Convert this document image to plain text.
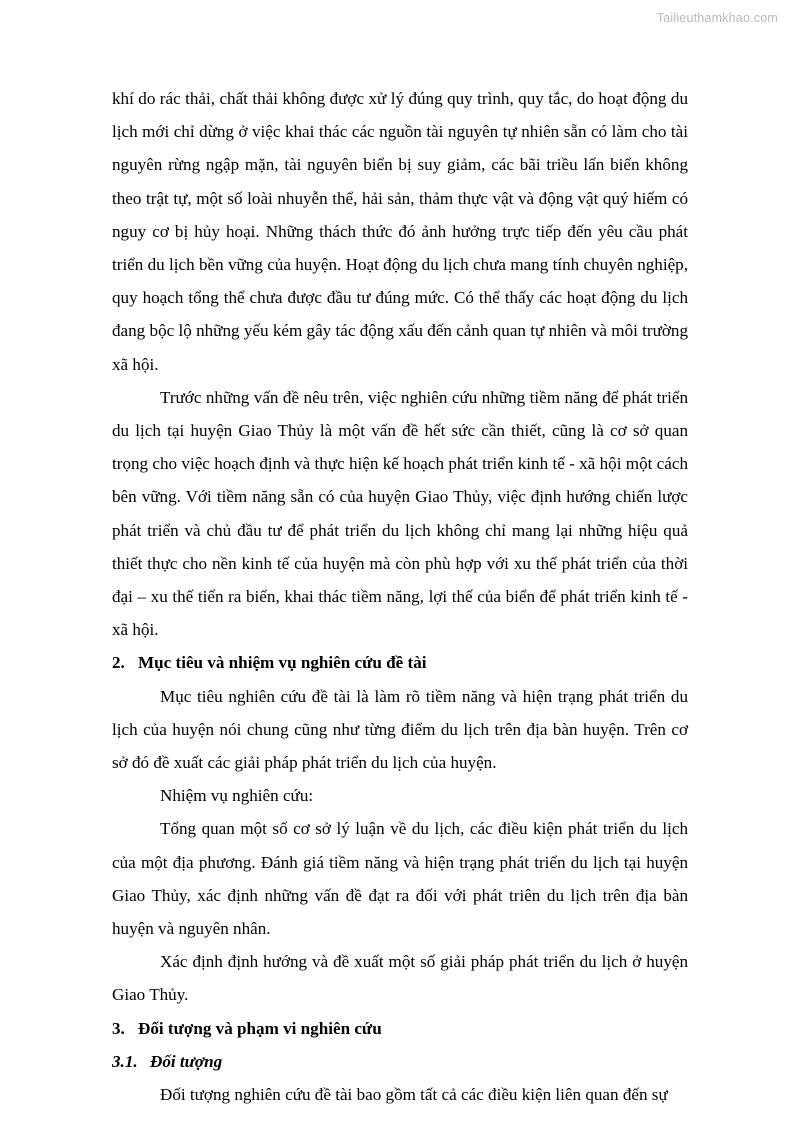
Tailieuthamkhao.com

khí do rác thải, chất thải không được xử lý đúng quy trình, quy tắc, do hoạt động du lịch mới chỉ dừng ở việc khai thác các nguồn tài nguyên tự nhiên sẵn có làm cho tài nguyên rừng ngập mặn, tài nguyên biển bị suy giảm, các bãi triều lấn biển không theo trật tự, một số loài nhuyễn thể, hải sản, thảm thực vật và động vật quý hiếm có nguy cơ bị hủy hoại. Những thách thức đó ảnh hưởng trực tiếp đến yêu cầu phát triển du lịch bền vững của huyện. Hoạt động du lịch chưa mang tính chuyên nghiệp, quy hoạch tổng thể chưa được đầu tư đúng mức. Có thể thấy các hoạt động du lịch đang bộc lộ những yếu kém gây tác động xấu đến cảnh quan tự nhiên và môi trường xã hội.

Trước những vấn đề nêu trên, việc nghiên cứu những tiềm năng để phát triển du lịch tại huyện Giao Thủy là một vấn đề hết sức cần thiết, cũng là cơ sở quan trọng cho việc hoạch định và thực hiện kế hoạch phát triển kinh tế - xã hội một cách bên vững. Với tiềm năng sẵn có của huyện Giao Thủy, việc định hướng chiến lược phát triển và chủ đầu tư để phát triển du lịch không chỉ mang lại những hiệu quả thiết thực cho nền kinh tế của huyện mà còn phù hợp với xu thế phát triển của thời đại – xu thế tiến ra biển, khai thác tiềm năng, lợi thế của biển để phát triển kinh tế - xã hội.

2. Mục tiêu và nhiệm vụ nghiên cứu đề tài

Mục tiêu nghiên cứu đề tài là làm rõ tiềm năng và hiện trạng phát triển du lịch của huyện nói chung cũng như từng điểm du lịch trên địa bàn huyện. Trên cơ sở đó đề xuất các giải pháp phát triển du lịch của huyện.

Nhiệm vụ nghiên cứu:

Tổng quan một số cơ sở lý luận về du lịch, các điều kiện phát triển du lịch của một địa phương. Đánh giá tiềm năng và hiện trạng phát triển du lịch tại huyện Giao Thủy, xác định những vấn đề đạt ra đối với phát triên du lịch trên địa bàn huyện và nguyên nhân.

Xác định định hướng và đề xuất một số giải pháp phát triển du lịch ở huyện Giao Thủy.

3. Đối tượng và phạm vi nghiên cứu
3.1. Đối tượng

Đối tượng nghiên cứu đề tài bao gồm tất cả các điều kiện liên quan đến sự
